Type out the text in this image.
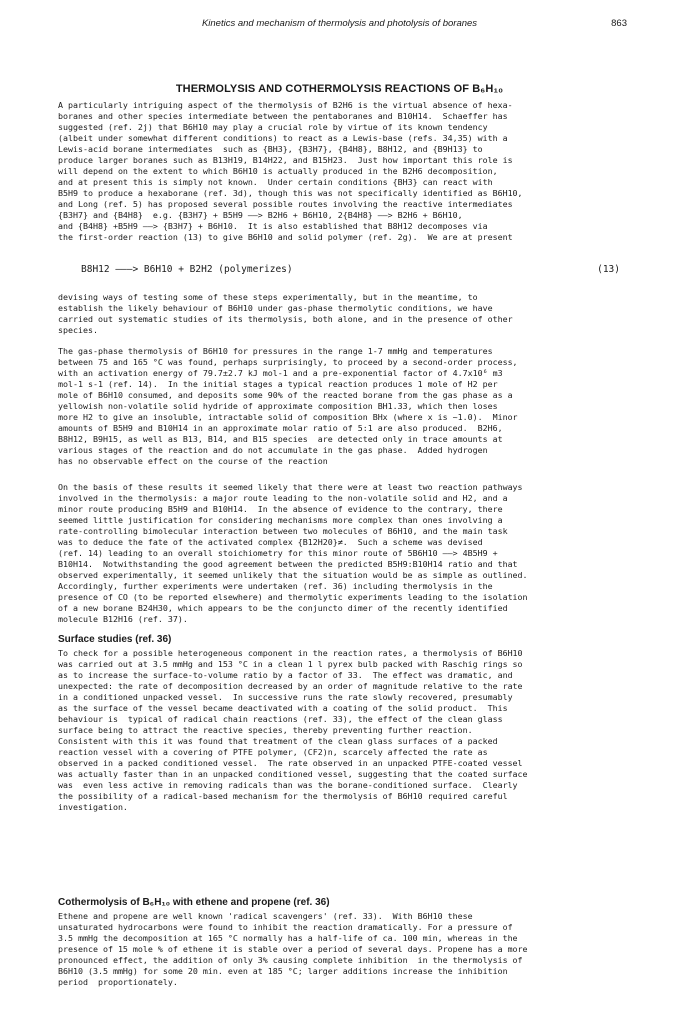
Kinetics and mechanism of thermolysis and photolysis of boranes	863
THERMOLYSIS AND COTHERMOLYSIS REACTIONS OF B₆H₁₀
A particularly intriguing aspect of the thermolysis of B2H6 is the virtual absence of hexa-
boranes and other species intermediate between the pentaboranes and B10H14.  Schaeffer has
suggested (ref. 2j) that B6H10 may play a crucial role by virtue of its known tendency
(albeit under somewhat different conditions) to react as a Lewis-base (refs. 34,35) with a
Lewis-acid borane intermediates  such as {BH3}, {B3H7}, {B4H8}, B8H12, and {B9H13} to
produce larger boranes such as B13H19, B14H22, and B15H23.  Just how important this role is
will depend on the extent to which B6H10 is actually produced in the B2H6 decomposition,
and at present this is simply not known.  Under certain conditions {BH3} can react with
B5H9 to produce a hexaborane (ref. 3d), though this was not specifically identified as B6H10,
and Long (ref. 5) has proposed several possible routes involving the reactive intermediates
{B3H7} and {B4H8}  e.g. {B3H7} + B5H9 ——> B2H6 + B6H10, 2{B4H8} ——> B2H6 + B6H10,
and {B4H8} +B5H9 ——> {B3H7} + B6H10.  It is also established that B8H12 decomposes via
the first-order reaction (13) to give B6H10 and solid polymer (ref. 2g).  We are at present
B8H12 ———> B6H10 + B2H2 (polymerizes)	(13)
devising ways of testing some of these steps experimentally, but in the meantime, to
establish the likely behaviour of B6H10 under gas-phase thermolytic conditions, we have
carried out systematic studies of its thermolysis, both alone, and in the presence of other
species.
The gas-phase thermolysis of B6H10 for pressures in the range 1-7 mmHg and temperatures
between 75 and 165 °C was found, perhaps surprisingly, to proceed by a second-order process,
with an activation energy of 79.7±2.7 kJ mol-1 and a pre-exponential factor of 4.7x10⁶ m3
mol-1 s-1 (ref. 14).  In the initial stages a typical reaction produces 1 mole of H2 per
mole of B6H10 consumed, and deposits some 90% of the reacted borane from the gas phase as a
yellowish non-volatile solid hydride of approximate composition BH1.33, which then loses
more H2 to give an insoluble, intractable solid of composition BHx (where x is ~1.0).  Minor
amounts of B5H9 and B10H14 in an approximate molar ratio of 5:1 are also produced.  B2H6,
B8H12, B9H15, as well as B13, B14, and B15 species  are detected only in trace amounts at
various stages of the reaction and do not accumulate in the gas phase.  Added hydrogen
has no observable effect on the course of the reaction
On the basis of these results it seemed likely that there were at least two reaction pathways
involved in the thermolysis: a major route leading to the non-volatile solid and H2, and a
minor route producing B5H9 and B10H14.  In the absence of evidence to the contrary, there
seemed little justification for considering mechanisms more complex than ones involving a
rate-controlling bimolecular interaction between two molecules of B6H10, and the main task
was to deduce the fate of the activated complex {B12H20}≠.  Such a scheme was devised
(ref. 14) leading to an overall stoichiometry for this minor route of 5B6H10 ——> 4B5H9 +
B10H14.  Notwithstanding the good agreement between the predicted B5H9:B10H14 ratio and that
observed experimentally, it seemed unlikely that the situation would be as simple as outlined.
Accordingly, further experiments were undertaken (ref. 36) including thermolysis in the
presence of CO (to be reported elsewhere) and thermolytic experiments leading to the isolation
of a new borane B24H30, which appears to be the conjuncto dimer of the recently identified
molecule B12H16 (ref. 37).
Surface studies (ref. 36)
To check for a possible heterogeneous component in the reaction rates, a thermolysis of B6H10
was carried out at 3.5 mmHg and 153 °C in a clean 1 l pyrex bulb packed with Raschig rings so
as to increase the surface-to-volume ratio by a factor of 33.  The effect was dramatic, and
unexpected: the rate of decomposition decreased by an order of magnitude relative to the rate
in a conditioned unpacked vessel.  In successive runs the rate slowly recovered, presumably
as the surface of the vessel became deactivated with a coating of the solid product.  This
behaviour is  typical of radical chain reactions (ref. 33), the effect of the clean glass
surface being to attract the reactive species, thereby preventing further reaction.
Consistent with this it was found that treatment of the clean glass surfaces of a packed
reaction vessel with a covering of PTFE polymer, (CF2)n, scarcely affected the rate as
observed in a packed conditioned vessel.  The rate observed in an unpacked PTFE-coated vessel
was actually faster than in an unpacked conditioned vessel, suggesting that the coated surface
was  even less active in removing radicals than was the borane-conditioned surface.  Clearly
the possibility of a radical-based mechanism for the thermolysis of B6H10 required careful
investigation.
Cothermolysis of B₆H₁₀ with ethene and propene (ref. 36)
Ethene and propene are well known 'radical scavengers' (ref. 33).  With B6H10 these
unsaturated hydrocarbons were found to inhibit the reaction dramatically. For a pressure of
3.5 mmHg the decomposition at 165 °C normally has a half-life of ca. 100 min, whereas in the
presence of 15 mole % of ethene it is stable over a period of several days. Propene has a more
pronounced effect, the addition of only 3% causing complete inhibition  in the thermolysis of
B6H10 (3.5 mmHg) for some 20 min. even at 185 °C; larger additions increase the inhibition
period  proportionately.
